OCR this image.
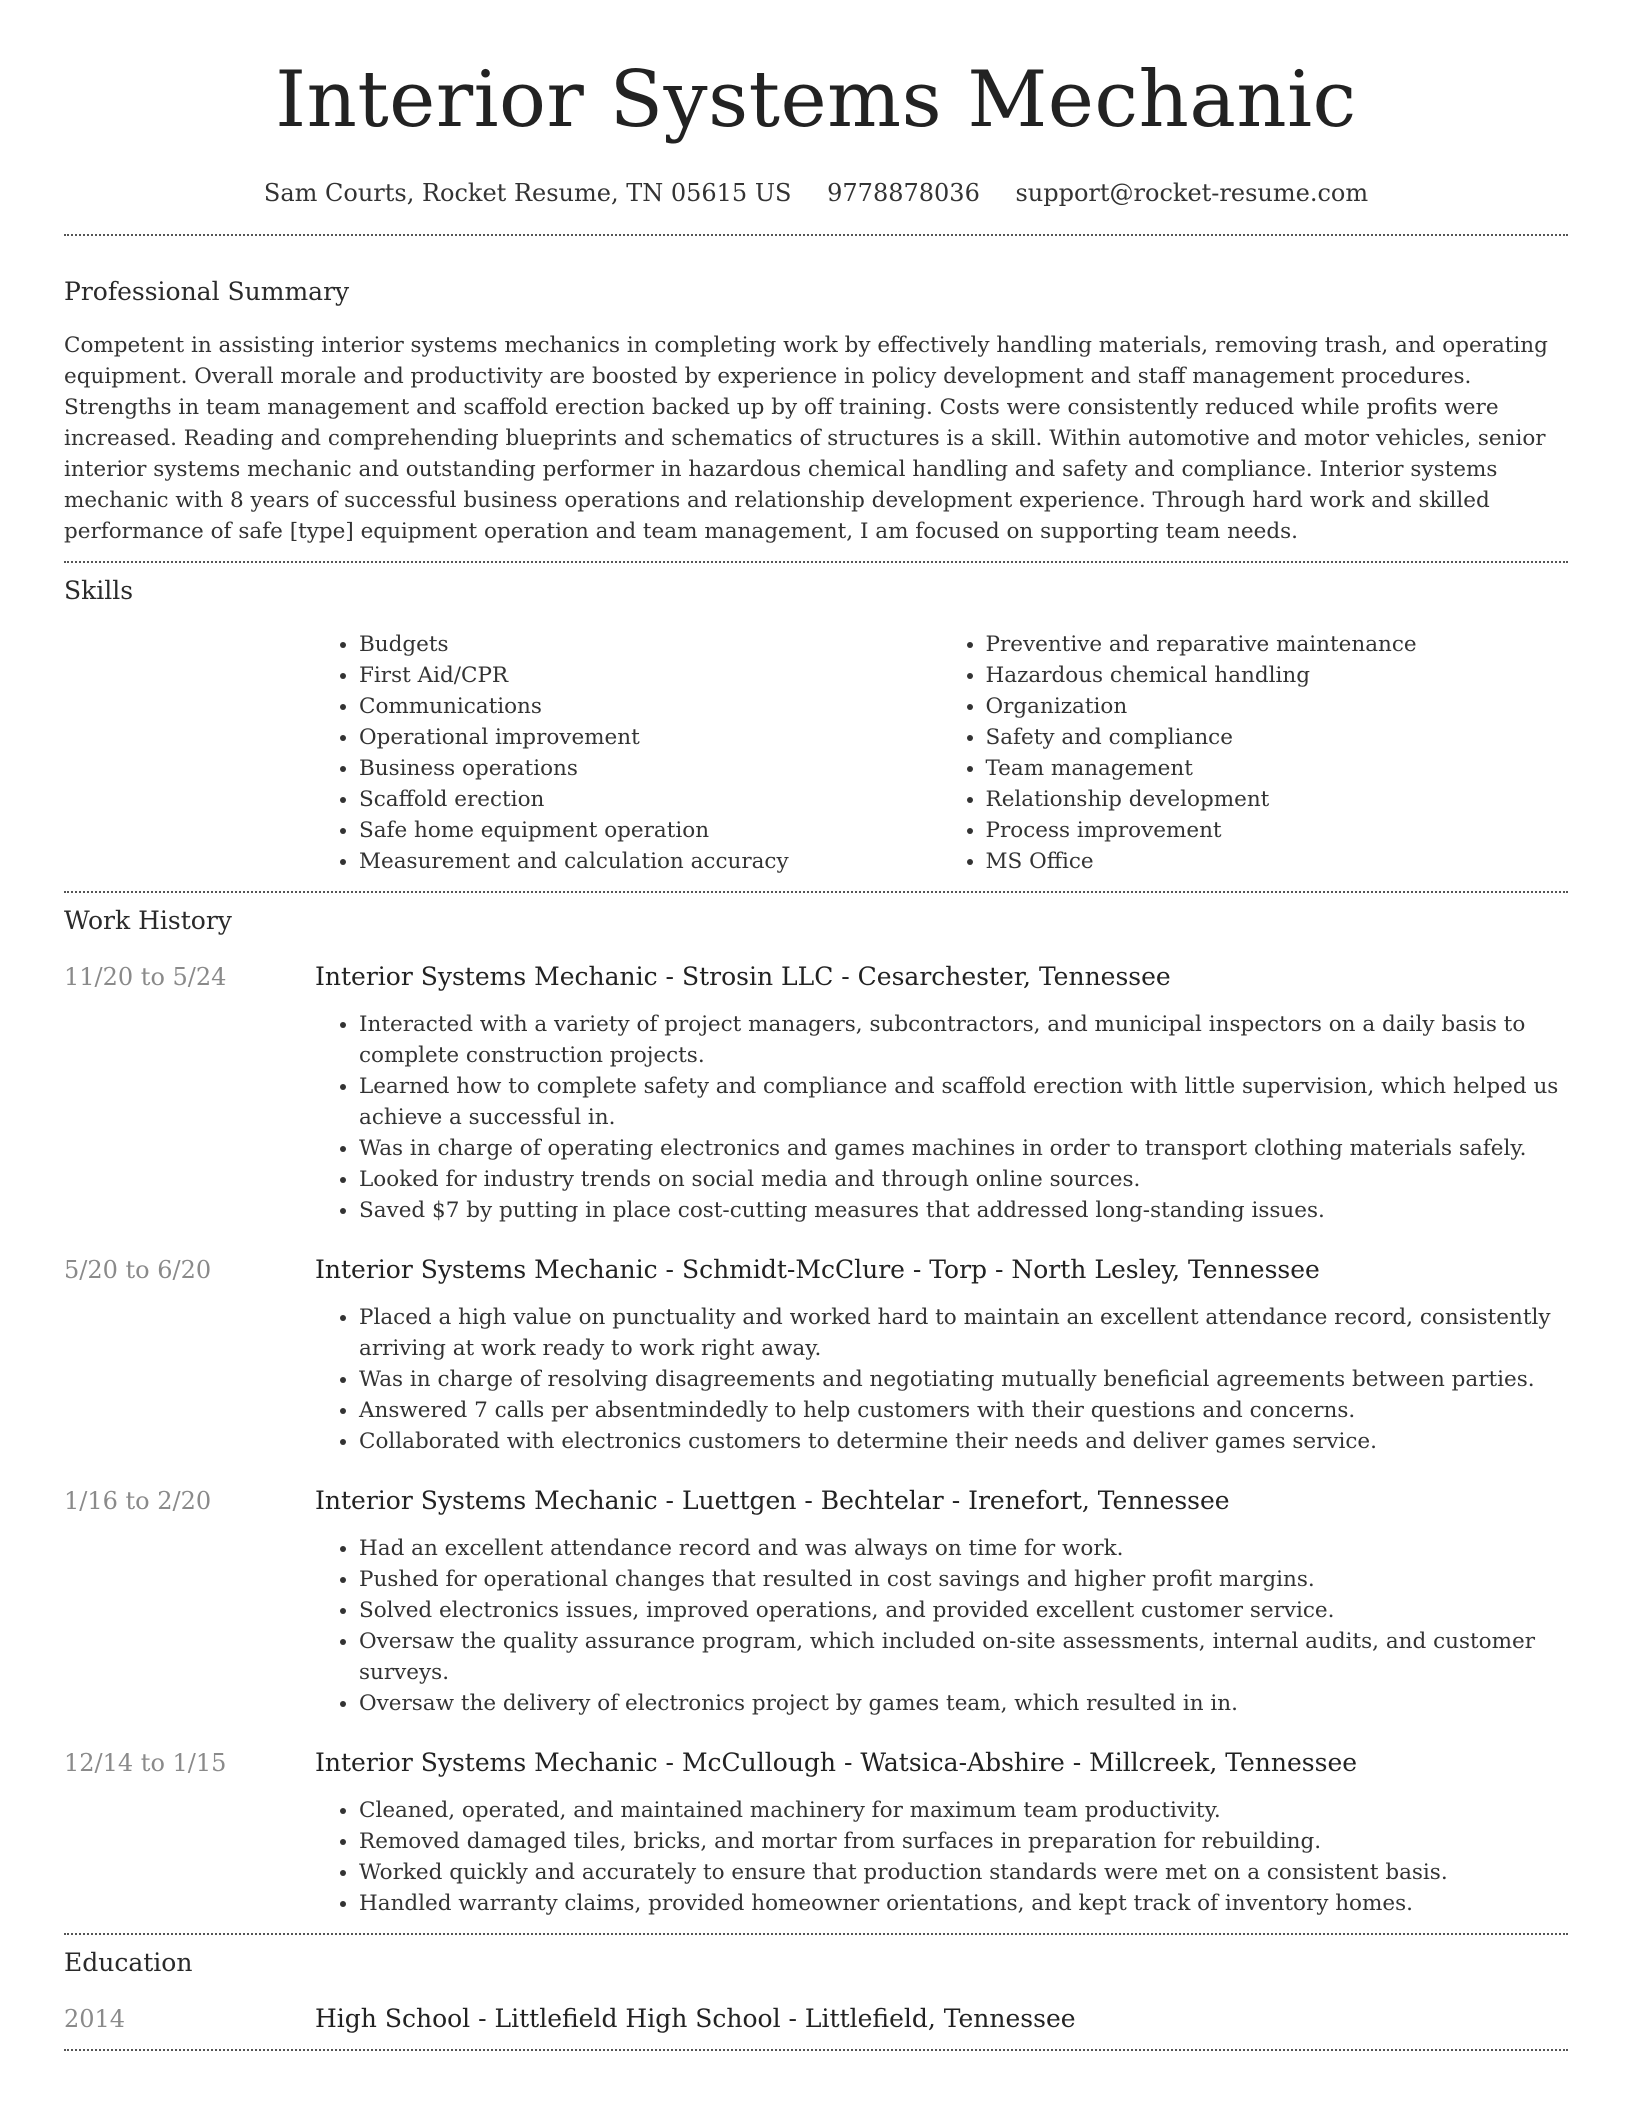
Interior Systems Mechanic
Sam Courts, Rocket Resume, TN 05615 US 9778878036 support@rocket-resume.com
Professional Summary

Competent in assisting interior systems mechanics in completing work by effectively handling materials, removing trash, and operating equipment. Overall morale and productivity are boosted by experience in policy development and staff management procedures. Strengths in team management and scaffold erection backed up by off training. Costs were consistently reduced while profits were increased. Reading and comprehending blueprints and schematics of structures is a skill. Within automotive and motor vehicles, senior interior systems mechanic and outstanding performer in hazardous chemical handling and safety and compliance. Interior systems mechanic with 8 years of successful business operations and relationship development experience. Through hard work and skilled performance of safe [type] equipment operation and team management, I am focused on supporting team needs.

Skills
• Budgets
• First Aid/CPR
• Communications
• Operational improvement
• Business operations
• Scaffold erection
• Safe home equipment operation
• Measurement and calculation accuracy
• Preventive and reparative maintenance
• Hazardous chemical handling
• Organization
• Safety and compliance
• Team management
• Relationship development
• Process improvement
• MS Office
Work History
11/20 to 5/24	Interior Systems Mechanic - Strosin LLC - Cesarchester, Tennessee
• Interacted with a variety of project managers, subcontractors, and municipal inspectors on a daily basis to complete construction projects.
• Learned how to complete safety and compliance and scaffold erection with little supervision, which helped us achieve a successful in.
• Was in charge of operating electronics and games machines in order to transport clothing materials safely.
• Looked for industry trends on social media and through online sources.
• Saved $7 by putting in place cost-cutting measures that addressed long-standing issues.
5/20 to 6/20	Interior Systems Mechanic - Schmidt-McClure - Torp - North Lesley, Tennessee
• Placed a high value on punctuality and worked hard to maintain an excellent attendance record, consistently arriving at work ready to work right away.
• Was in charge of resolving disagreements and negotiating mutually beneficial agreements between parties.
• Answered 7 calls per absentmindedly to help customers with their questions and concerns.
• Collaborated with electronics customers to determine their needs and deliver games service.
1/16 to 2/20	Interior Systems Mechanic - Luettgen - Bechtelar - Irenefort, Tennessee
• Had an excellent attendance record and was always on time for work.
• Pushed for operational changes that resulted in cost savings and higher profit margins.
• Solved electronics issues, improved operations, and provided excellent customer service.
• Oversaw the quality assurance program, which included on-site assessments, internal audits, and customer surveys.
• Oversaw the delivery of electronics project by games team, which resulted in in.
12/14 to 1/15	Interior Systems Mechanic - McCullough - Watsica-Abshire - Millcreek, Tennessee
• Cleaned, operated, and maintained machinery for maximum team productivity.
• Removed damaged tiles, bricks, and mortar from surfaces in preparation for rebuilding.
• Worked quickly and accurately to ensure that production standards were met on a consistent basis.
• Handled warranty claims, provided homeowner orientations, and kept track of inventory homes.
Education
2014	High School - Littlefield High School - Littlefield, Tennessee
